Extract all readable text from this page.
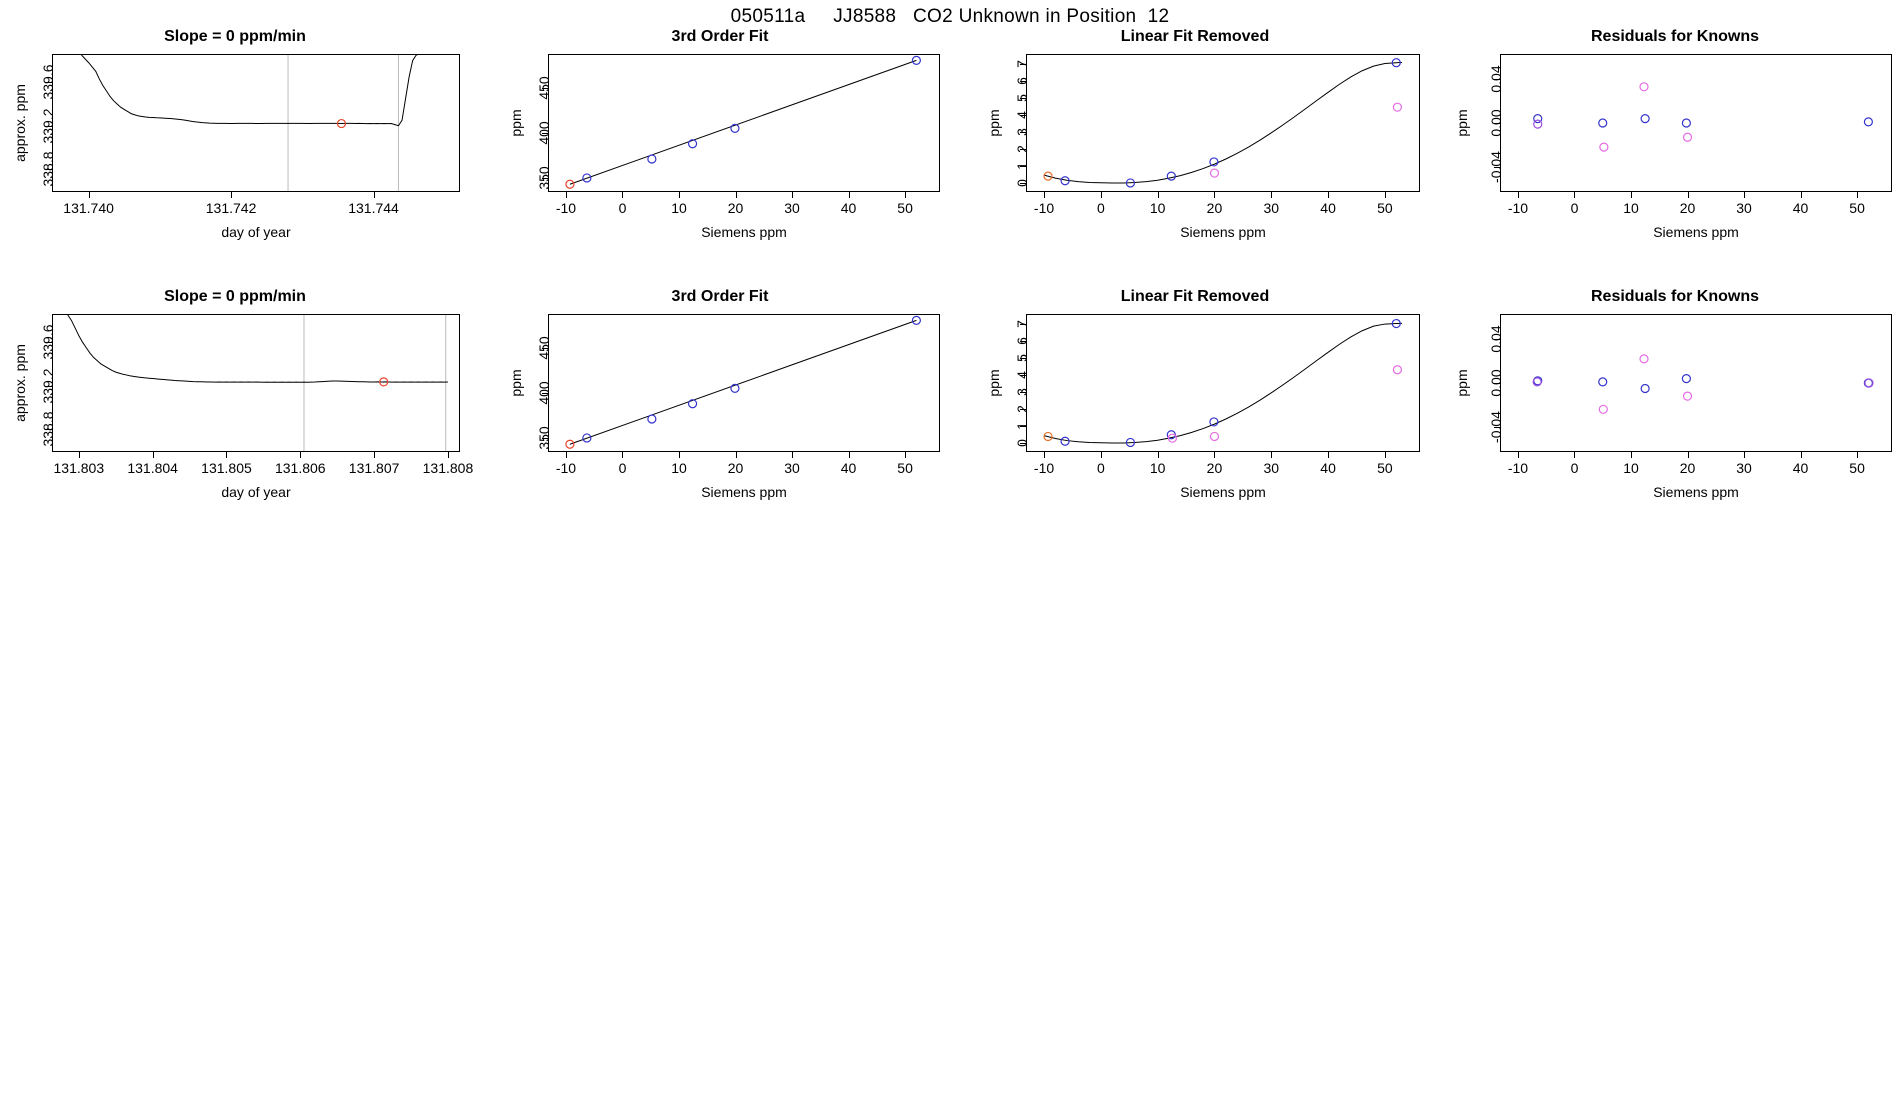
050511a     JJ8588   CO2 Unknown in Position  12
Slope = 0 ppm/min	3rd Order Fit	Linear Fit Removed	Residuals for Knowns
Slope = 0 ppm/min	3rd Order Fit	Linear Fit Removed	Residuals for Knowns
131.740	131.742	131.744
338.8
339.2
339.6
day of year
approx. ppm
-10	0	10	20	30	40	50
350
400
450
Siemens ppm
ppm
-10	0	10	20	30	40	50
0
1
2
3
4
5
6
7
Siemens ppm
ppm
-10	0	10	20	30	40	50
-0.04
0.00
0.04
Siemens ppm
ppm
131.803 131.804 131.805 131.806 131.807 131.808
338.8
339.2
339.6
day of year
approx. ppm
-10	0	10	20	30	40	50
350
400
450
Siemens ppm
ppm
-10	0	10	20	30	40	50
0
1
2
3
4
5
6
7
Siemens ppm
ppm
-10	0	10	20	30	40	50
-0.04
0.00
0.04
Siemens ppm
ppm
